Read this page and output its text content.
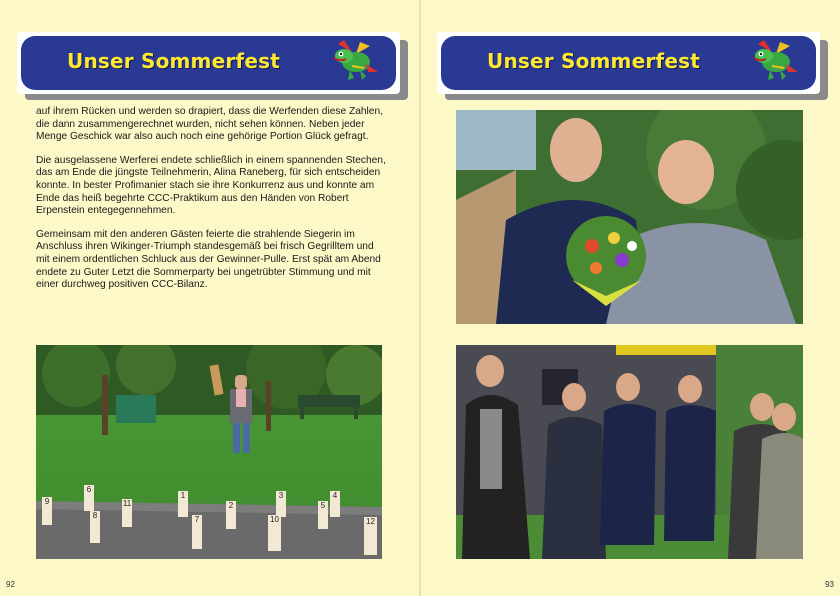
Unser Sommerfest

auf ihrem Rücken und werden so drapiert, dass die Werfenden diese Zahlen, die dann zusammengerechnet wurden, nicht sehen können. Neben jeder Menge Geschick war also auch noch eine gehörige Portion Glück gefragt.

Die ausgelassene Werferei endete schließlich in einem spannenden Stechen, das am Ende die jüngste Teilnehmerin, Alina Raneberg, für sich entscheiden konnte. In bester Profimanier stach sie ihre Konkurrenz aus und konnte am Ende das heiß begehrte CCC-Praktikum aus den Händen von Robert Erpenstein entegegennehmen.

Gemeinsam mit den anderen Gästen feierte die strahlende Siegerin im Anschluss ihren Wikinger-Triumph standesgemäß bei frisch Gegrilltem und mit einem ordentlichen Schluck aus der Gewinner-Pulle. Erst spät am Abend endete zu Guter Letzt die Sommerparty bei ungetrübter Stimmung und mit einer durchweg positiven CCC-Bilanz.

9
6
11
1
2
3
5
4
8	7	10	12
92
Unser Sommerfest
93
